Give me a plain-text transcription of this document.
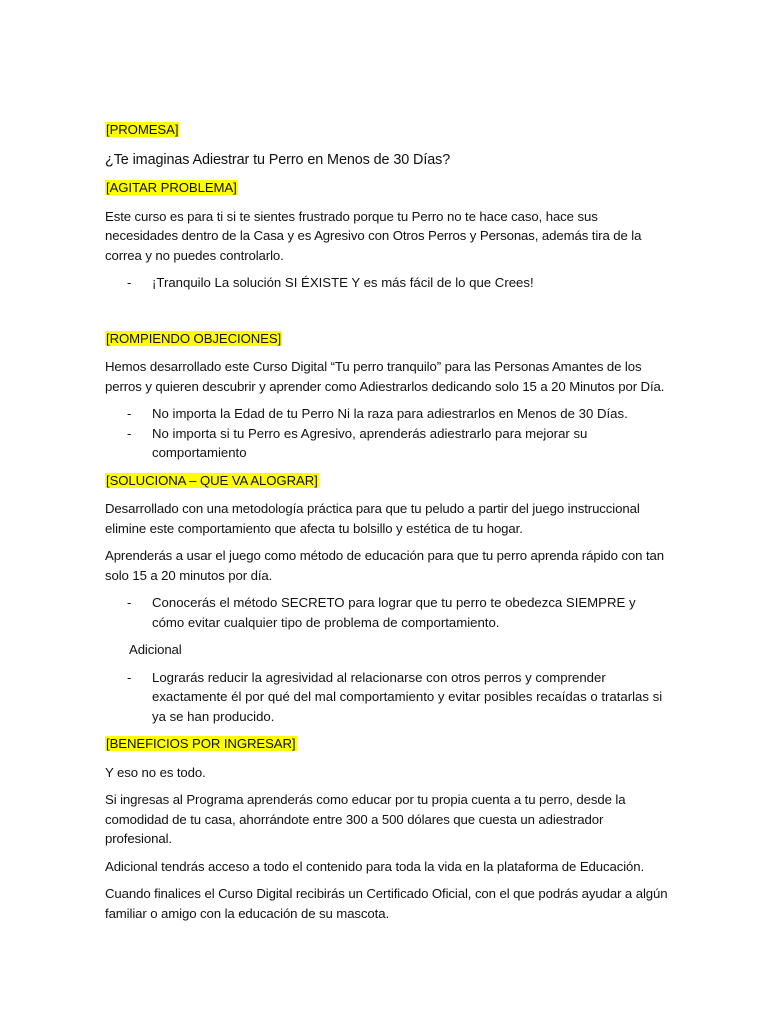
[PROMESA]

¿Te imaginas Adiestrar tu Perro en Menos de 30 Días?

[AGITAR PROBLEMA]

Este curso es para ti si te sientes frustrado porque tu Perro no te hace caso, hace sus necesidades dentro de la Casa y es Agresivo con Otros Perros y Personas, además tira de la correa y no puedes controlarlo.

- ¡Tranquilo La solución SI ÉXISTE Y es más fácil de lo que Crees!

[ROMPIENDO OBJECIONES]

Hemos desarrollado este Curso Digital “Tu perro tranquilo” para las Personas Amantes de los perros y quieren descubrir y aprender como Adiestrarlos dedicando solo 15 a 20 Minutos por Día.

- No importa la Edad de tu Perro Ni la raza para adiestrarlos en Menos de 30 Días.

- No importa si tu Perro es Agresivo, aprenderás adiestrarlo para mejorar su comportamiento

[SOLUCIONA – QUE VA ALOGRAR]

Desarrollado con una metodología práctica para que tu peludo a partir del juego instruccional elimine este comportamiento que afecta tu bolsillo y estética de tu hogar.

Aprenderás a usar el juego como método de educación para que tu perro aprenda rápido con tan solo 15 a 20 minutos por día.

- Conocerás el método SECRETO para lograr que tu perro te obedezca SIEMPRE y cómo evitar cualquier tipo de problema de comportamiento.

Adicional

- Lograrás reducir la agresividad al relacionarse con otros perros y comprender exactamente él por qué del mal comportamiento y evitar posibles recaídas o tratarlas si ya se han producido.

[BENEFICIOS POR INGRESAR]

Y eso no es todo.

Si ingresas al Programa aprenderás como educar por tu propia cuenta a tu perro, desde la comodidad de tu casa, ahorrándote entre 300 a 500 dólares que cuesta un adiestrador profesional.

Adicional tendrás acceso a todo el contenido para toda la vida en la plataforma de Educación.

Cuando finalices el Curso Digital recibirás un Certificado Oficial, con el que podrás ayudar a algún familiar o amigo con la educación de su mascota.
